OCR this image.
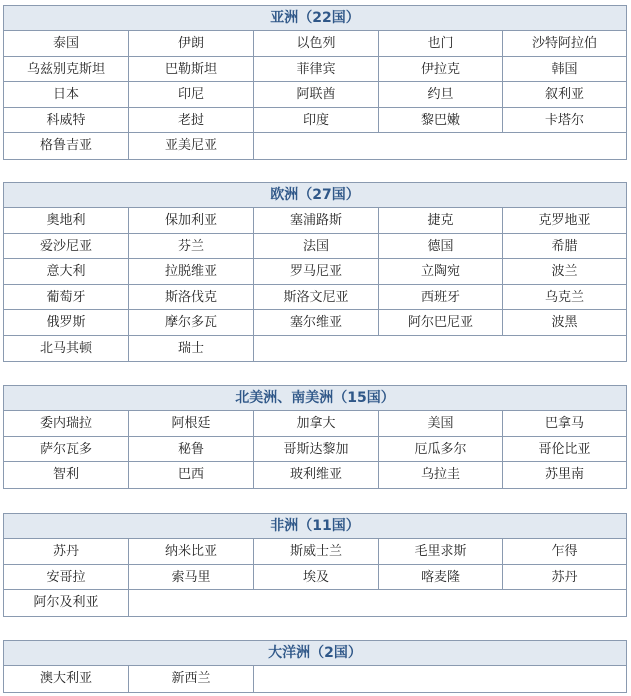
亚洲（22国）
泰国	伊朗	以色列	也门	沙特阿拉伯
乌兹别克斯坦	巴勒斯坦	菲律宾	伊拉克	韩国
日本	印尼	阿联酋	约旦	叙利亚
科威特	老挝	印度	黎巴嫩	卡塔尔
格鲁吉亚	亚美尼亚
欧洲（27国）
奥地利	保加利亚	塞浦路斯	捷克	克罗地亚
爱沙尼亚	芬兰	法国	德国	希腊
意大利	拉脱维亚	罗马尼亚	立陶宛	波兰
葡萄牙	斯洛伐克	斯洛文尼亚	西班牙	乌克兰
俄罗斯	摩尔多瓦	塞尔维亚	阿尔巴尼亚	波黑
北马其顿	瑞士
北美洲、南美洲（15国）
委内瑞拉	阿根廷	加拿大	美国	巴拿马
萨尔瓦多	秘鲁	哥斯达黎加	厄瓜多尔	哥伦比亚
智利	巴西	玻利维亚	乌拉圭	苏里南
非洲（11国）
苏丹	纳米比亚	斯威士兰	毛里求斯	乍得
安哥拉	索马里	埃及	喀麦隆	苏丹
阿尔及利亚
大洋洲（2国）
澳大利亚	新西兰
